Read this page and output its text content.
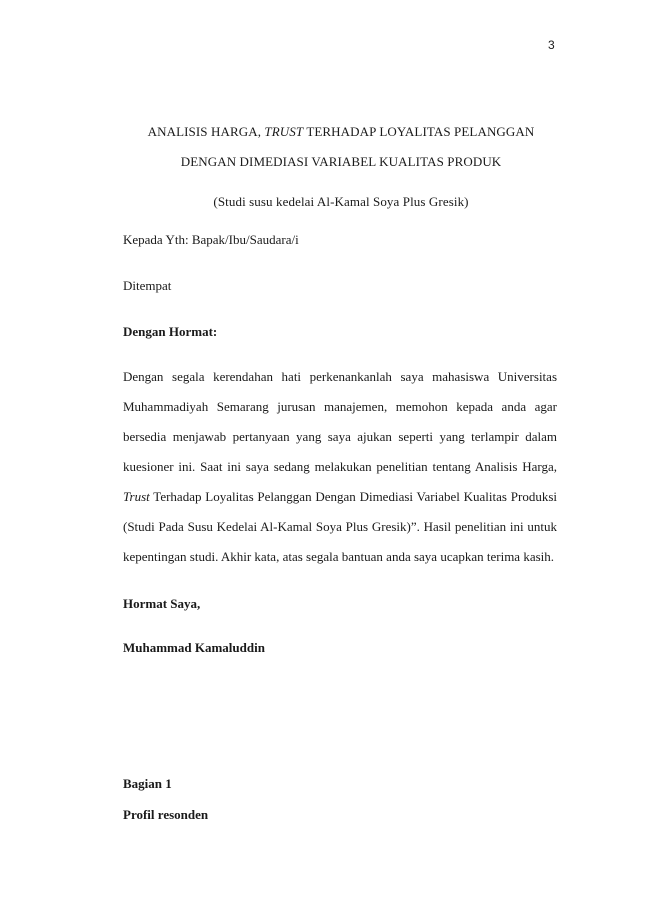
3
ANALISIS HARGA, TRUST TERHADAP LOYALITAS PELANGGAN
DENGAN DIMEDIASI VARIABEL KUALITAS PRODUK
(Studi susu kedelai Al-Kamal Soya Plus Gresik)
Kepada Yth: Bapak/Ibu/Saudara/i
Ditempat
Dengan Hormat:
Dengan segala kerendahan hati perkenankanlah saya mahasiswa Universitas
Muhammadiyah Semarang jurusan manajemen, memohon kepada anda agar
bersedia menjawab pertanyaan yang saya ajukan seperti yang terlampir dalam
kuesioner ini. Saat ini saya sedang melakukan penelitian tentang Analisis Harga,
Trust Terhadap Loyalitas Pelanggan Dengan Dimediasi Variabel Kualitas Produksi
(Studi Pada Susu Kedelai Al-Kamal Soya Plus Gresik)”. Hasil penelitian ini untuk
kepentingan studi. Akhir kata, atas segala bantuan anda saya ucapkan terima kasih.
Hormat Saya,
Muhammad Kamaluddin
Bagian 1
Profil resonden
